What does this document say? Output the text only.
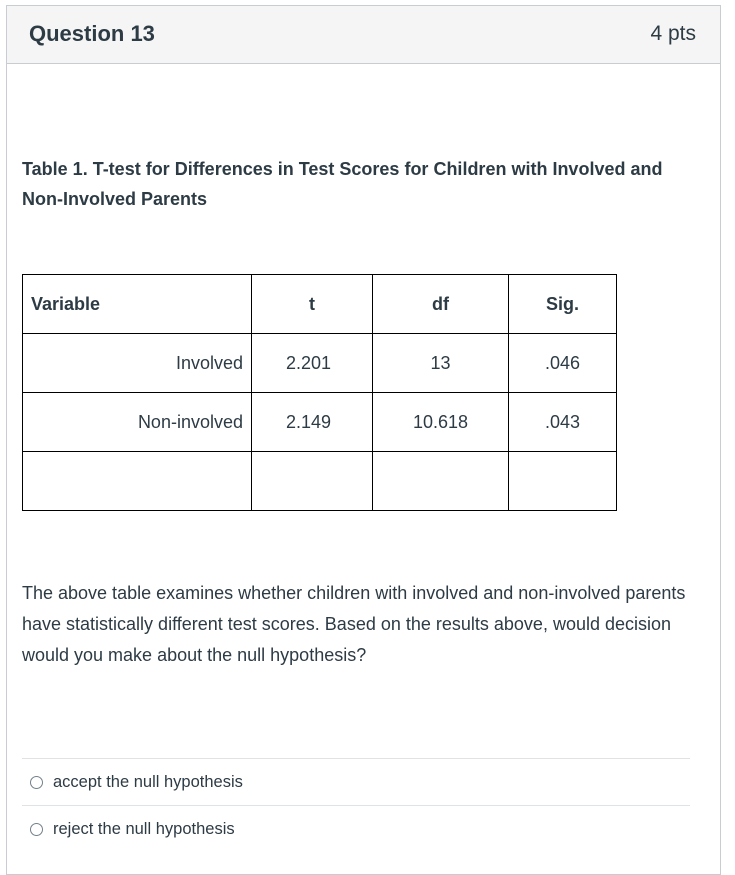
Question 13	4 pts
Table 1. T-test for Differences in Test Scores for Children with Involved and Non-Involved Parents
Variable	t	df	Sig.
Involved	2.201	13	.046
Non-involved	2.149	10.618	.043

The above table examines whether children with involved and non-involved parents have statistically different test scores. Based on the results above, would decision would you make about the null hypothesis?
accept the null hypothesis
reject the null hypothesis
